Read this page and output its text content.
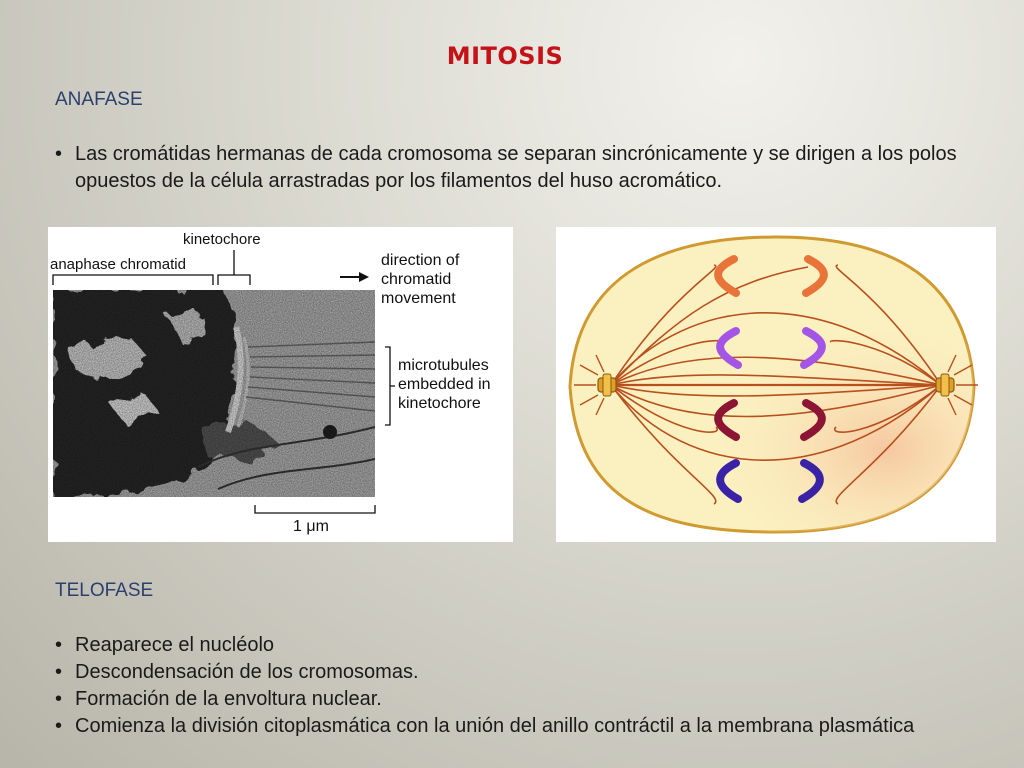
MITOSIS
ANAFASE
• Las cromátidas hermanas de cada cromosoma se separan sincrónicamente y se dirigen a los polos opuestos de la célula arrastradas por los filamentos del huso acromático.
kinetochore
anaphase chromatid	direction of chromatid movement
microtubules embedded in kinetochore
1 μm
TELOFASE
• Reaparece el nucléolo
• Descondensación de los cromosomas.
• Formación de la envoltura nuclear.
• Comienza la división citoplasmática con la unión del anillo contráctil a la membrana plasmática
